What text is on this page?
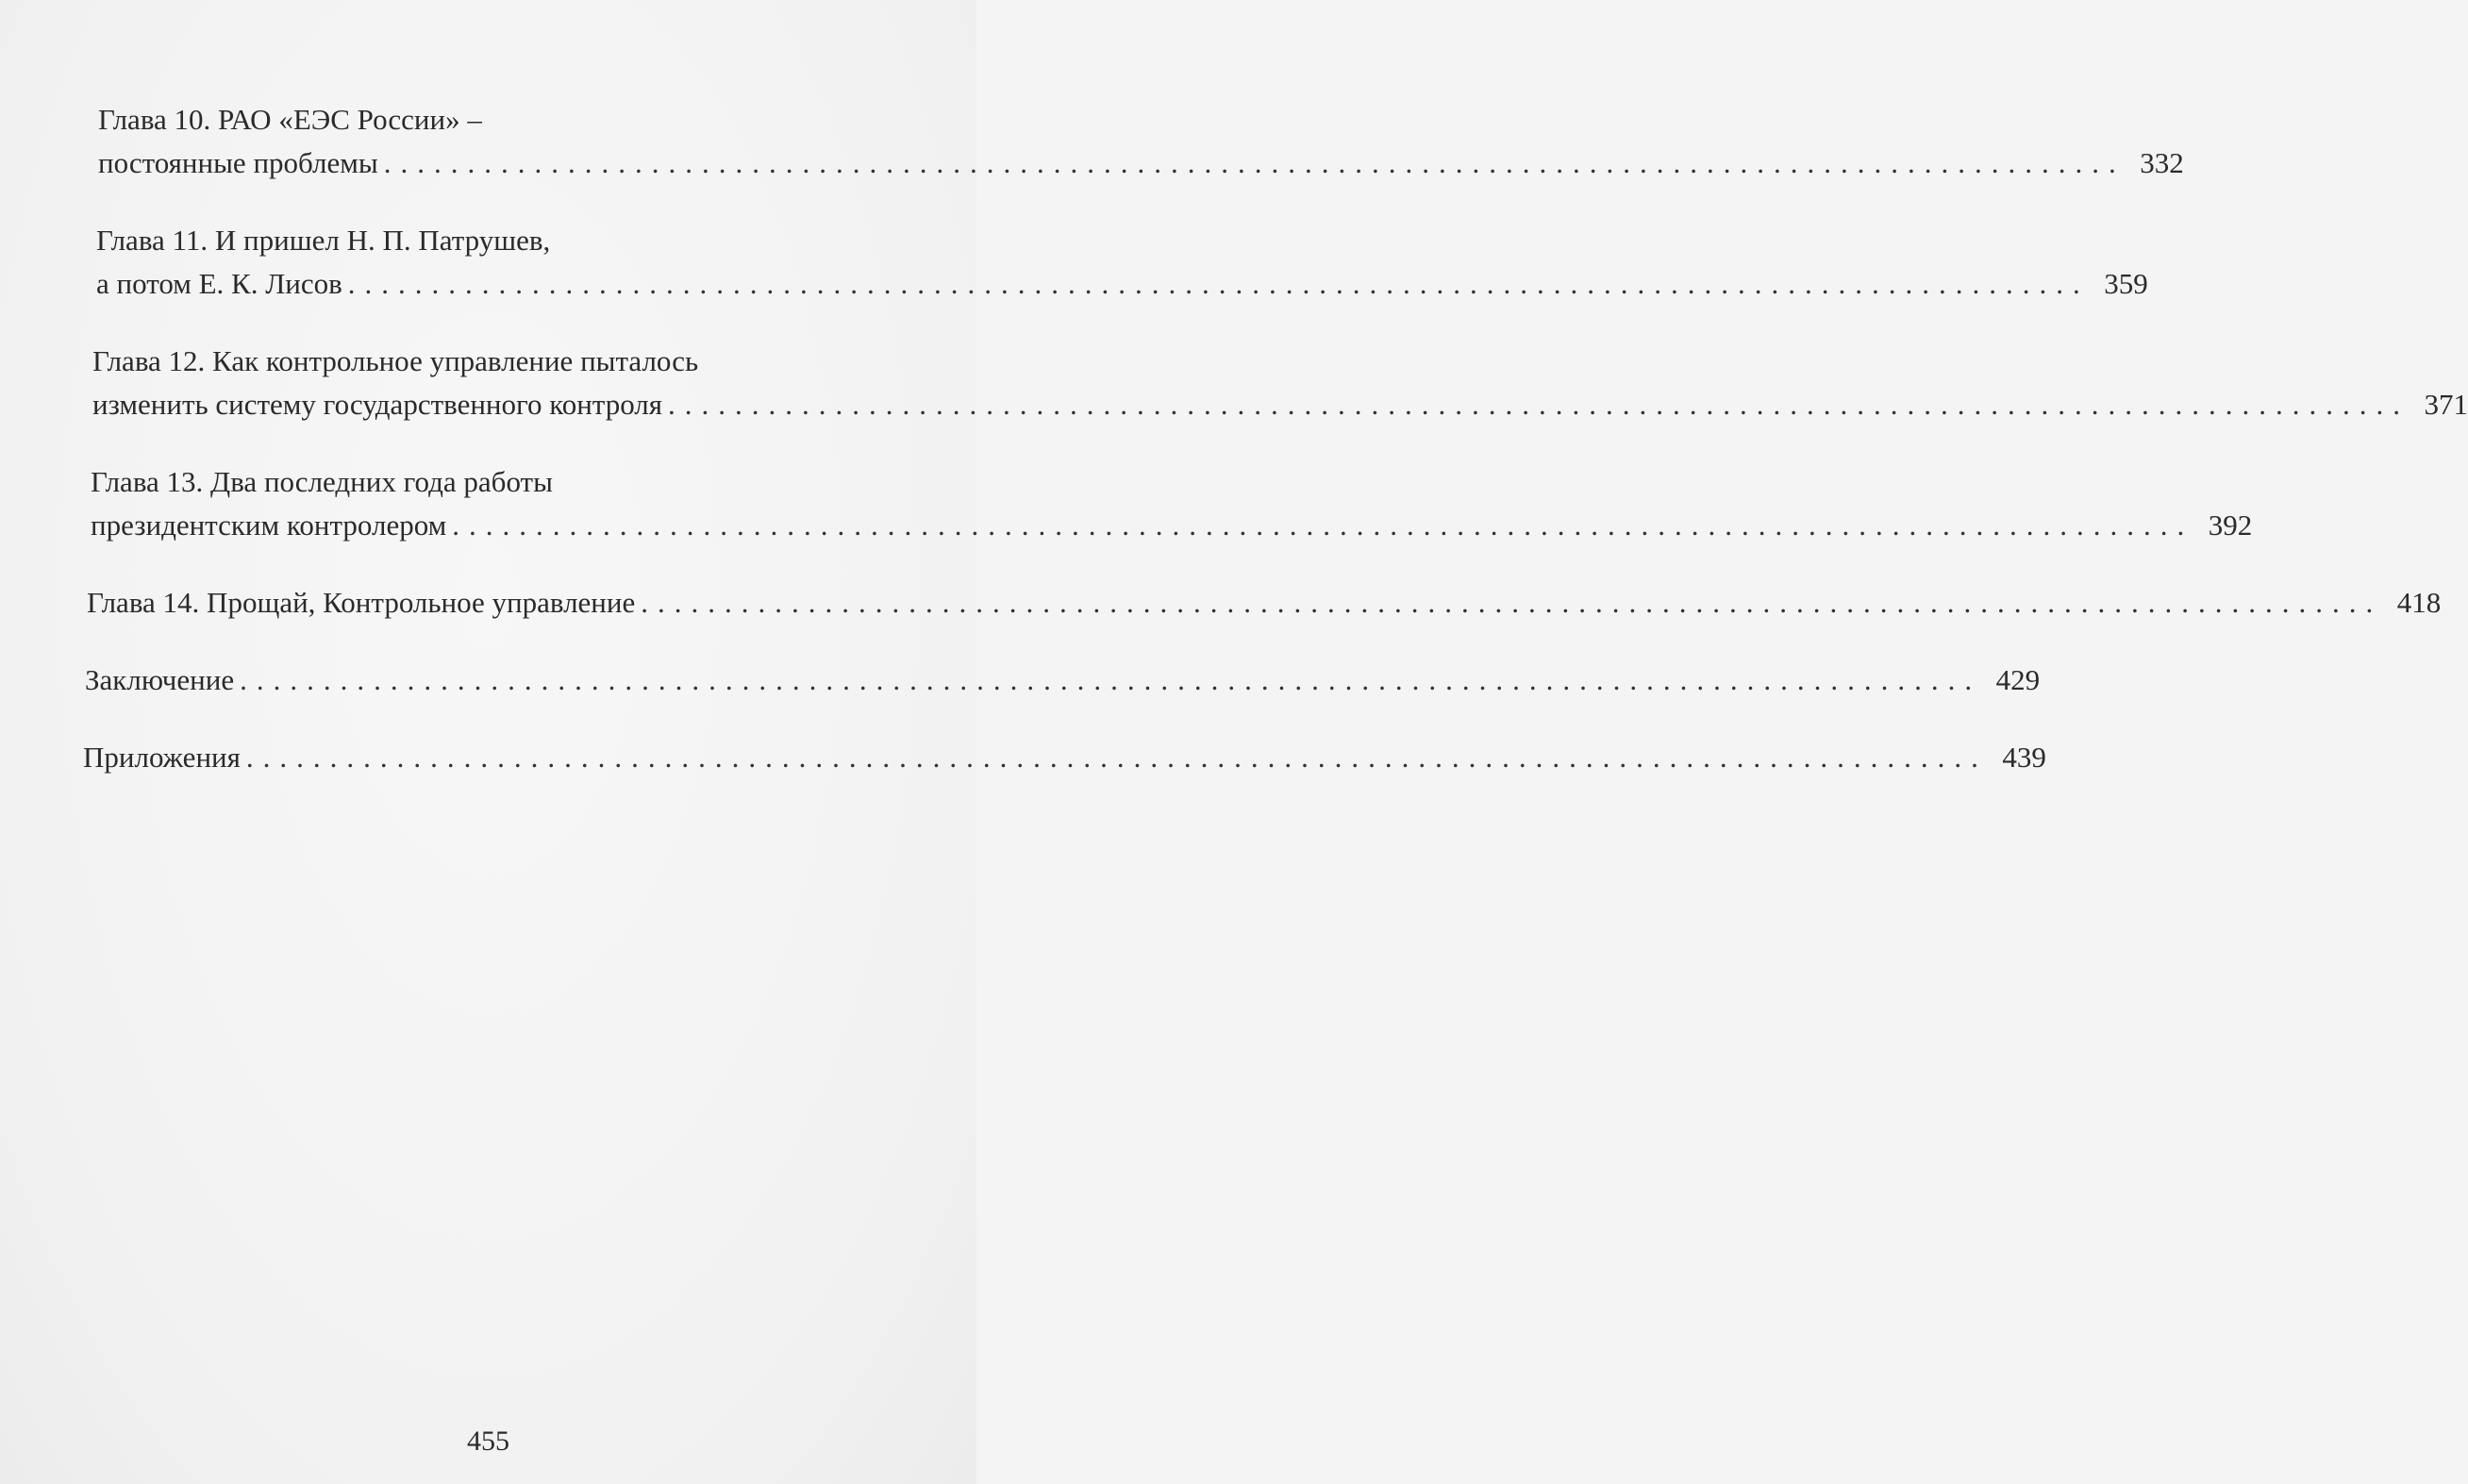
Глава 10. РАО «ЕЭС России» –
постоянные проблемы ........................................................................................................ 332
Глава 11. И пришел Н. П. Патрушев,
а потом Е. К. Лисов ........................................................................................................ 359
Глава 12. Как контрольное управление пыталось
изменить систему государственного контроля ........................................................................................................ 371
Глава 13. Два последних года работы
президентским контролером ........................................................................................................ 392
Глава 14. Прощай, Контрольное управление ........................................................................................................ 418
Заключение ........................................................................................................ 429
Приложения ........................................................................................................ 439
455
